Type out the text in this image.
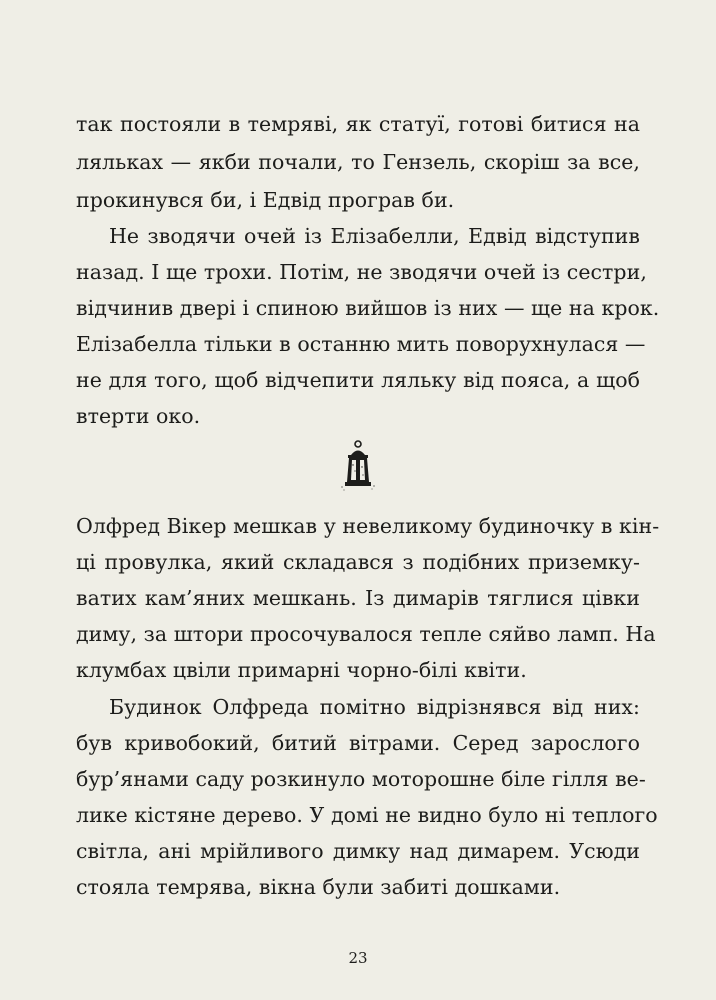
так постояли в темряві, як статуї, готові битися на
ляльках — якби почали, то Гензель, скоріш за все,
прокинувся би, і Едвід програв би.
Не зводячи очей із Елізабелли, Едвід відступив
назад. І ще трохи. Потім, не зводячи очей із сестри,
відчинив двері і спиною вийшов із них — ще на крок.
Елізабелла тільки в останню мить поворухнулася —
не для того, щоб відчепити ляльку від пояса, а щоб
втерти око.
Олфред Вікер мешкав у невеликому будиночку в кін-
ці провулка, який складався з подібних приземку-
ватих кам’яних мешкань. Із димарів тяглися цівки
диму, за штори просочувалося тепле сяйво ламп. На
клумбах цвіли примарні чорно-білі квіти.
Будинок Олфреда помітно відрізнявся від них:
був кривобокий, битий вітрами. Серед зарослого
бур’янами саду розкинуло моторошне біле гілля ве-
лике кістяне дерево. У домі не видно було ні теплого
світла, ані мрійливого димку над димарем. Усюди
стояла темрява, вікна були забиті дошками.
23
